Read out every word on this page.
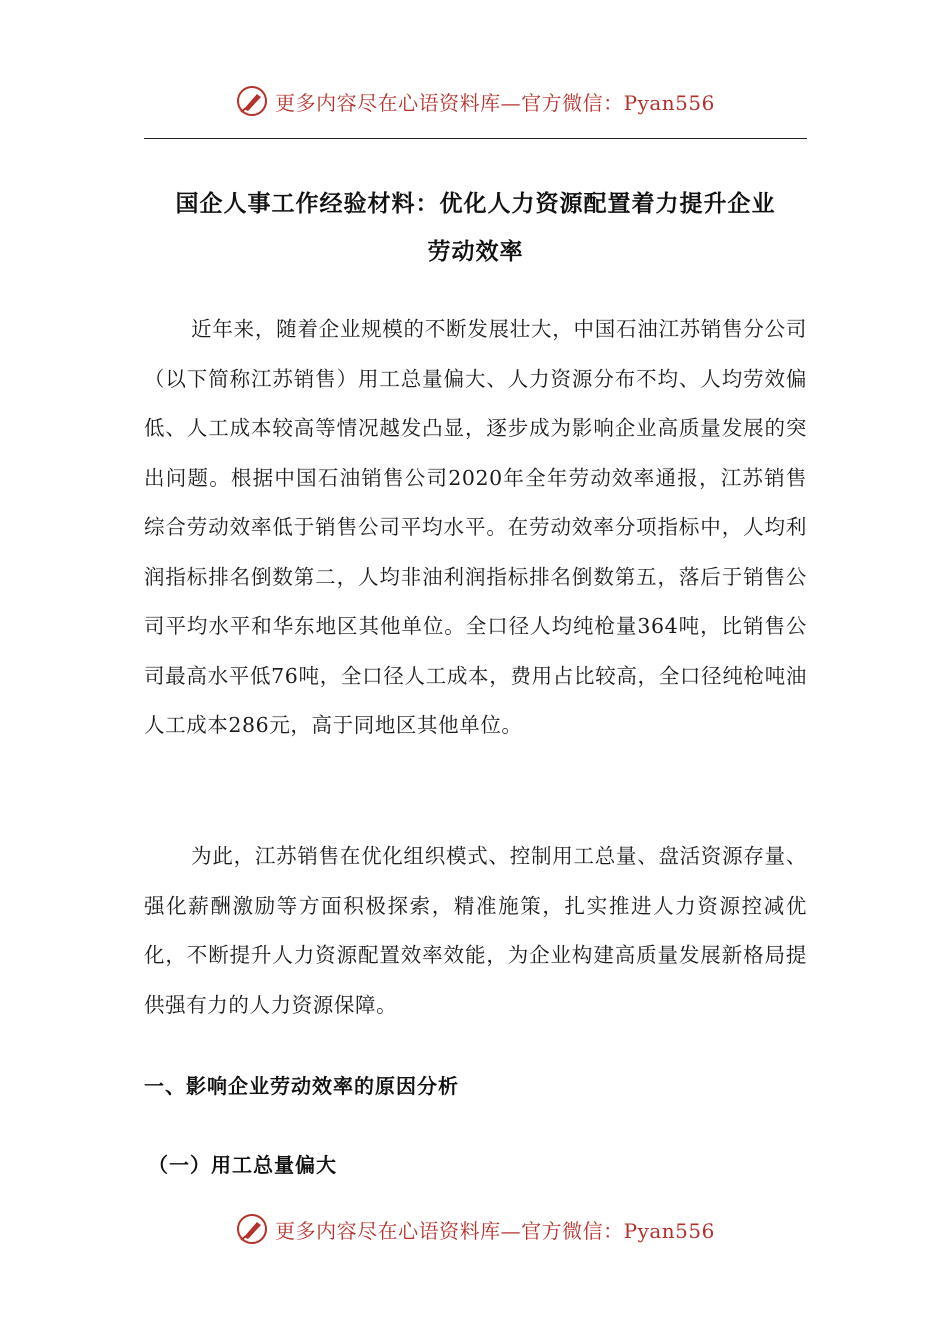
更多内容尽在心语资料库—官方微信：Pyan556
国企人事工作经验材料：优化人力资源配置着力提升企业
劳动效率

近年来，随着企业规模的不断发展壮大，中国石油江苏销售分公司（以下简称江苏销售）用工总量偏大、人力资源分布不均、人均劳效偏低、人工成本较高等情况越发凸显，逐步成为影响企业高质量发展的突出问题。根据中国石油销售公司2020年全年劳动效率通报，江苏销售综合劳动效率低于销售公司平均水平。在劳动效率分项指标中，人均利润指标排名倒数第二，人均非油利润指标排名倒数第五，落后于销售公司平均水平和华东地区其他单位。全口径人均纯枪量364吨，比销售公司最高水平低76吨，全口径人工成本，费用占比较高，全口径纯枪吨油人工成本286元，高于同地区其他单位。

为此，江苏销售在优化组织模式、控制用工总量、盘活资源存量、强化薪酬激励等方面积极探索，精准施策，扎实推进人力资源控减优化，不断提升人力资源配置效率效能，为企业构建高质量发展新格局提供强有力的人力资源保障。

一、影响企业劳动效率的原因分析
（一）用工总量偏大
更多内容尽在心语资料库—官方微信：Pyan556
